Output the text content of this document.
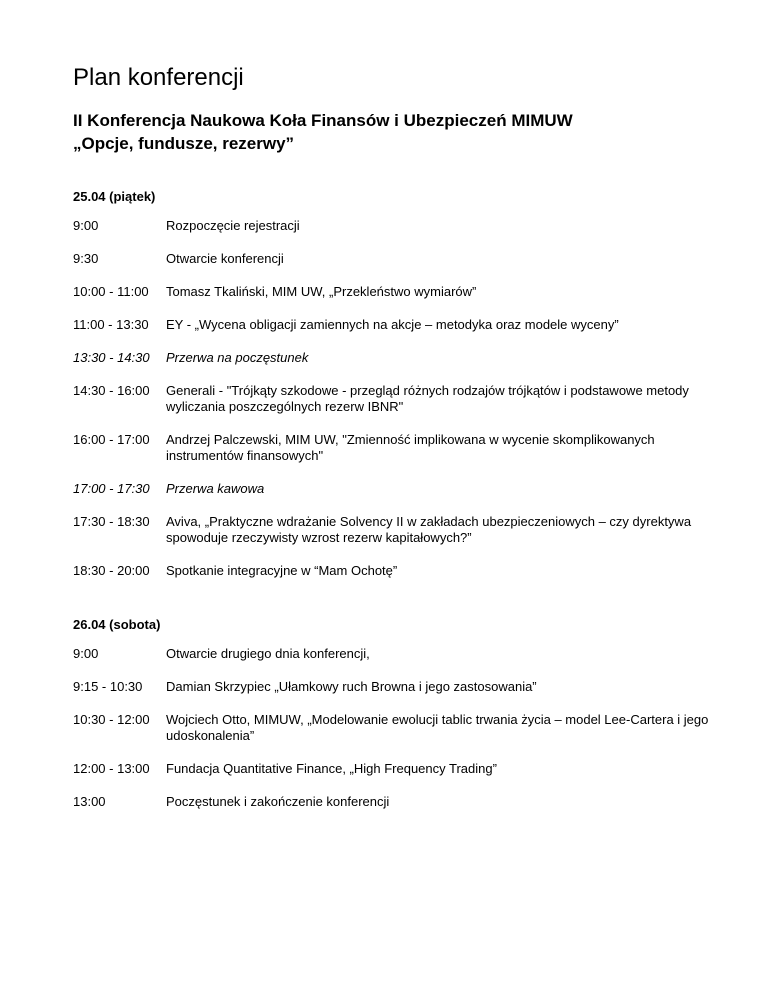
Plan konferencji
II Konferencja Naukowa Koła Finansów i Ubezpieczeń MIMUW
„Opcje, fundusze, rezerwy”
25.04 (piątek)
9:00	Rozpoczęcie rejestracji
9:30	Otwarcie konferencji
10:00 - 11:00	Tomasz Tkaliński, MIM UW, „Przekleństwo wymiarów”
11:00 - 13:30	EY - „Wycena obligacji zamiennych na akcje – metodyka oraz modele wyceny”
13:30 - 14:30	Przerwa na poczęstunek
14:30 - 16:00	Generali - "Trójkąty szkodowe - przegląd różnych rodzajów trójkątów i podstawowe metody wyliczania poszczególnych rezerw IBNR"
16:00 - 17:00	Andrzej Palczewski, MIM UW, "Zmienność implikowana w wycenie skomplikowanych instrumentów finansowych"
17:00 - 17:30	Przerwa kawowa
17:30 - 18:30	Aviva, „Praktyczne wdrażanie Solvency II w zakładach ubezpieczeniowych – czy dyrektywa spowoduje rzeczywisty wzrost rezerw kapitałowych?”
18:30 - 20:00	Spotkanie integracyjne w “Mam Ochotę”
26.04 (sobota)
9:00	Otwarcie drugiego dnia konferencji,
9:15 - 10:30	Damian Skrzypiec „Ułamkowy ruch Browna i jego zastosowania”
10:30 - 12:00	Wojciech Otto, MIMUW, „Modelowanie ewolucji tablic trwania życia – model Lee-Cartera i jego udoskonalenia”
12:00 - 13:00	Fundacja Quantitative Finance, „High Frequency Trading”
13:00	Poczęstunek i zakończenie konferencji
